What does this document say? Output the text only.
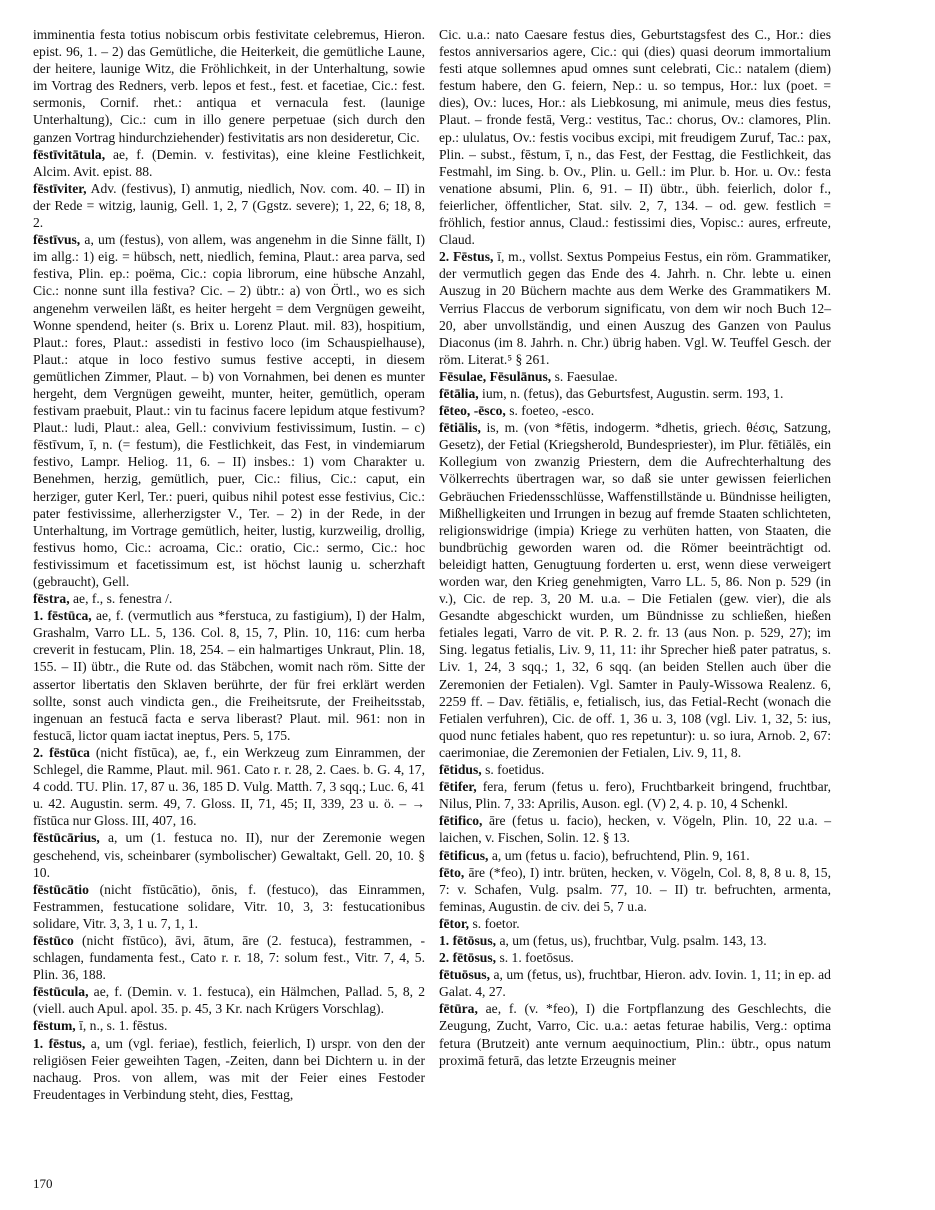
imminentia festa totius nobiscum orbis festivitate celebremus, Hieron. epist. 96, 1. – 2) das Gemütliche, die Heiterkeit, die gemütliche Laune, der heitere, launige Witz, die Fröhlichkeit, in der Unterhaltung, sowie im Vortrag des Redners, verb. lepos et fest., fest. et facetiae, Cic.: fest. sermonis, Cornif. rhet.: antiqua et vernacula fest. (launige Unterhaltung), Cic.: cum in illo genere perpetuae (sich durch den ganzen Vortrag hindurchziehender) festivitatis ars non desideretur, Cic.

fēstīvitātula, ae, f. (Demin. v. festivitas), eine kleine Festlichkeit, Alcim. Avit. epist. 88.

fēstīviter, Adv. (festivus), I) anmutig, niedlich, Nov. com. 40. – II) in der Rede = witzig, launig, Gell. 1, 2, 7 (Ggstz. severe); 1, 22, 6; 18, 8, 2.

fēstīvus, a, um (festus), von allem, was angenehm in die Sinne fällt, I) im allg.: 1) eig. = hübsch, nett, niedlich, femina, Plaut.: area parva, sed festiva, Plin. ep.: poëma, Cic.: copia librorum, eine hübsche Anzahl, Cic.: nonne sunt illa festiva? Cic. – 2) übtr.: a) von Örtl., wo es sich angenehm verweilen läßt, es heiter hergeht = dem Vergnügen geweiht, Wonne spendend, heiter (s. Brix u. Lorenz Plaut. mil. 83), hospitium, Plaut.: fores, Plaut.: assedisti in festivo loco (im Schauspielhause), Plaut.: atque in loco festivo sumus festive accepti, in diesem gemütlichen Zimmer, Plaut. – b) von Vornahmen, bei denen es munter hergeht, dem Vergnügen geweiht, munter, heiter, gemütlich, operam festivam praebuit, Plaut.: vin tu facinus facere lepidum atque festivum? Plaut.: ludi, Plaut.: alea, Gell.: convivium festivissimum, Iustin. – c) fēstīvum, ī, n. (= festum), die Festlichkeit, das Fest, in vindemiarum festivo, Lampr. Heliog. 11, 6. – II) insbes.: 1) vom Charakter u. Benehmen, herzig, gemütlich, puer, Cic.: filius, Cic.: caput, ein herziger, guter Kerl, Ter.: pueri, quibus nihil potest esse festivius, Cic.: pater festivissime, allerherzigster V., Ter. – 2) in der Rede, in der Unterhaltung, im Vortrage gemütlich, heiter, lustig, kurzweilig, drollig, festivus homo, Cic.: acroama, Cic.: oratio, Cic.: sermo, Cic.: hoc festivissimum et facetissimum est, ist höchst launig u. scherzhaft (gebraucht), Gell.

fēstra, ae, f., s. fenestra /.

1. fēstūca, ae, f. (vermutlich aus *ferstuca, zu fastigium), I) der Halm, Grashalm, Varro LL. 5, 136. Col. 8, 15, 7, Plin. 10, 116: cum herba creverit in festucam, Plin. 18, 254. – ein halmartiges Unkraut, Plin. 18, 155. – II) übtr., die Rute od. das Stäbchen, womit nach röm. Sitte der assertor libertatis den Sklaven berührte, der für frei erklärt werden sollte, sonst auch vindicta gen., die Freiheitsrute, der Freiheitsstab, ingenuan an festucā facta e serva liberast? Plaut. mil. 961: non in festucā, lictor quam iactat ineptus, Pers. 5, 175.

2. fēstūca (nicht fīstūca), ae, f., ein Werkzeug zum Einrammen, der Schlegel, die Ramme, Plaut. mil. 961. Cato r. r. 28, 2. Caes. b. G. 4, 17, 4 codd. TU. Plin. 17, 87 u. 36, 185 D. Vulg. Matth. 7, 3 sqq.; Luc. 6, 41 u. 42. Augustin. serm. 49, 7. Gloss. II, 71, 45; II, 339, 23 u. ö. – → fīstūca nur Gloss. III, 407, 16.

fēstūcārius, a, um (1. festuca no. II), nur der Zeremonie wegen geschehend, vis, scheinbarer (symbolischer) Gewaltakt, Gell. 20, 10. § 10.

fēstūcātio (nicht fīstūcātio), ōnis, f. (festuco), das Einrammen, Festrammen, festucatione solidare, Vitr. 10, 3, 3: festucationibus solidare, Vitr. 3, 3, 1 u. 7, 1, 1.

fēstūco (nicht fīstūco), āvi, ātum, āre (2. festuca), festrammen, -schlagen, fundamenta fest., Cato r. r. 18, 7: solum fest., Vitr. 7, 4, 5. Plin. 36, 188.

fēstūcula, ae, f. (Demin. v. 1. festuca), ein Hälmchen, Pallad. 5, 8, 2 (viell. auch Apul. apol. 35. p. 45, 3 Kr. nach Krügers Vorschlag).

fēstum, ī, n., s. 1. fēstus.

1. fēstus, a, um (vgl. feriae), festlich, feierlich, I) urspr. von den der religiösen Feier geweihten Tagen, -Zeiten, dann bei Dichtern u. in der nachaug. Pros. von allem, was mit der Feier eines Festoder Freudentages in Verbindung steht, dies, Festtag,

Cic. u.a.: nato Caesare festus dies, Geburtstagsfest des C., Hor.: dies festos anniversarios agere, Cic.: qui (dies) quasi deorum immortalium festi atque sollemnes apud omnes sunt celebrati, Cic.: natalem (diem) festum habere, den G. feiern, Nep.: u. so tempus, Hor.: lux (poet. = dies), Ov.: luces, Hor.: als Liebkosung, mi animule, meus dies festus, Plaut. – fronde festā, Verg.: vestitus, Tac.: chorus, Ov.: clamores, Plin. ep.: ululatus, Ov.: festis vocibus excipi, mit freudigem Zuruf, Tac.: pax, Plin. – subst., fēstum, ī, n., das Fest, der Festtag, die Festlichkeit, das Festmahl, im Sing. b. Ov., Plin. u. Gell.: im Plur. b. Hor. u. Ov.: festa venatione absumi, Plin. 6, 91. – II) übtr., übh. feierlich, dolor f., feierlicher, öffentlicher, Stat. silv. 2, 7, 134. – od. gew. festlich = fröhlich, festior annus, Claud.: festissimi dies, Vopisc.: aures, erfreute, Claud.

2. Fēstus, ī, m., vollst. Sextus Pompeius Festus, ein röm. Grammatiker, der vermutlich gegen das Ende des 4. Jahrh. n. Chr. lebte u. einen Auszug in 20 Büchern machte aus dem Werke des Grammatikers M. Verrius Flaccus de verborum significatu, von dem wir noch Buch 12–20, aber unvollständig, und einen Auszug des Ganzen von Paulus Diaconus (im 8. Jahrh. n. Chr.) übrig haben. Vgl. W. Teuffel Gesch. der röm. Literat.⁵ § 261.

Fēsulae, Fēsulānus, s. Faesulae.

fētālia, ium, n. (fetus), das Geburtsfest, Augustin. serm. 193, 1.

fēteo, -ēsco, s. foeteo, -esco.

fētiālis, is, m. (von *fētis, indogerm. *dhetis, griech. θέσις, Satzung, Gesetz), der Fetial (Kriegsherold, Bundespriester), im Plur. fētiālēs, ein Kollegium von zwanzig Priestern, dem die Aufrechterhaltung des Völkerrechts übertragen war, so daß sie unter gewissen feierlichen Gebräuchen Friedensschlüsse, Waffenstillstände u. Bündnisse heiligten, Mißhelligkeiten und Irrungen in bezug auf fremde Staaten schlichteten, religionswidrige (impia) Kriege zu verhüten hatten, von Staaten, die bundbrüchig geworden waren od. die Römer beeinträchtigt od. beleidigt hatten, Genugtuung forderten u. erst, wenn diese verweigert worden war, den Krieg genehmigten, Varro LL. 5, 86. Non p. 529 (in v.), Cic. de rep. 3, 20 M. u.a. – Die Fetialen (gew. vier), die als Gesandte abgeschickt wurden, um Bündnisse zu schließen, hießen fetiales legati, Varro de vit. P. R. 2. fr. 13 (aus Non. p. 529, 27); im Sing. legatus fetialis, Liv. 9, 11, 11: ihr Sprecher hieß pater patratus, s. Liv. 1, 24, 3 sqq.; 1, 32, 6 sqq. (an beiden Stellen auch über die Zeremonien der Fetialen). Vgl. Samter in Pauly-Wissowa Realenz. 6, 2259 ff. – Dav. fētiālis, e, fetialisch, ius, das Fetial-Recht (wonach die Fetialen verfuhren), Cic. de off. 1, 36 u. 3, 108 (vgl. Liv. 1, 32, 5: ius, quod nunc fetiales habent, quo res repetuntur): u. so iura, Arnob. 2, 67: caerimoniae, die Zeremonien der Fetialen, Liv. 9, 11, 8.

fētidus, s. foetidus.

fētifer, fera, ferum (fetus u. fero), Fruchtbarkeit bringend, fruchtbar, Nilus, Plin. 7, 33: Aprilis, Auson. egl. (V) 2, 4. p. 10, 4 Schenkl.

fētifico, āre (fetus u. facio), hecken, v. Vögeln, Plin. 10, 22 u.a. – laichen, v. Fischen, Solin. 12. § 13.

fētificus, a, um (fetus u. facio), befruchtend, Plin. 9, 161.

fēto, āre (*feo), I) intr. brüten, hecken, v. Vögeln, Col. 8, 8, 8 u. 8, 15, 7: v. Schafen, Vulg. psalm. 77, 10. – II) tr. befruchten, armenta, feminas, Augustin. de civ. dei 5, 7 u.a.

fētor, s. foetor.

1. fētōsus, a, um (fetus, us), fruchtbar, Vulg. psalm. 143, 13.

2. fētōsus, s. 1. foetōsus.

fētuōsus, a, um (fetus, us), fruchtbar, Hieron. adv. Iovin. 1, 11; in ep. ad Galat. 4, 27.

fētūra, ae, f. (v. *feo), I) die Fortpflanzung des Geschlechts, die Zeugung, Zucht, Varro, Cic. u.a.: aetas feturae habilis, Verg.: optima fetura (Brutzeit) ante vernum aequinoctium, Plin.: übtr., opus natum proximā feturā, das letzte Erzeugnis meiner

170
